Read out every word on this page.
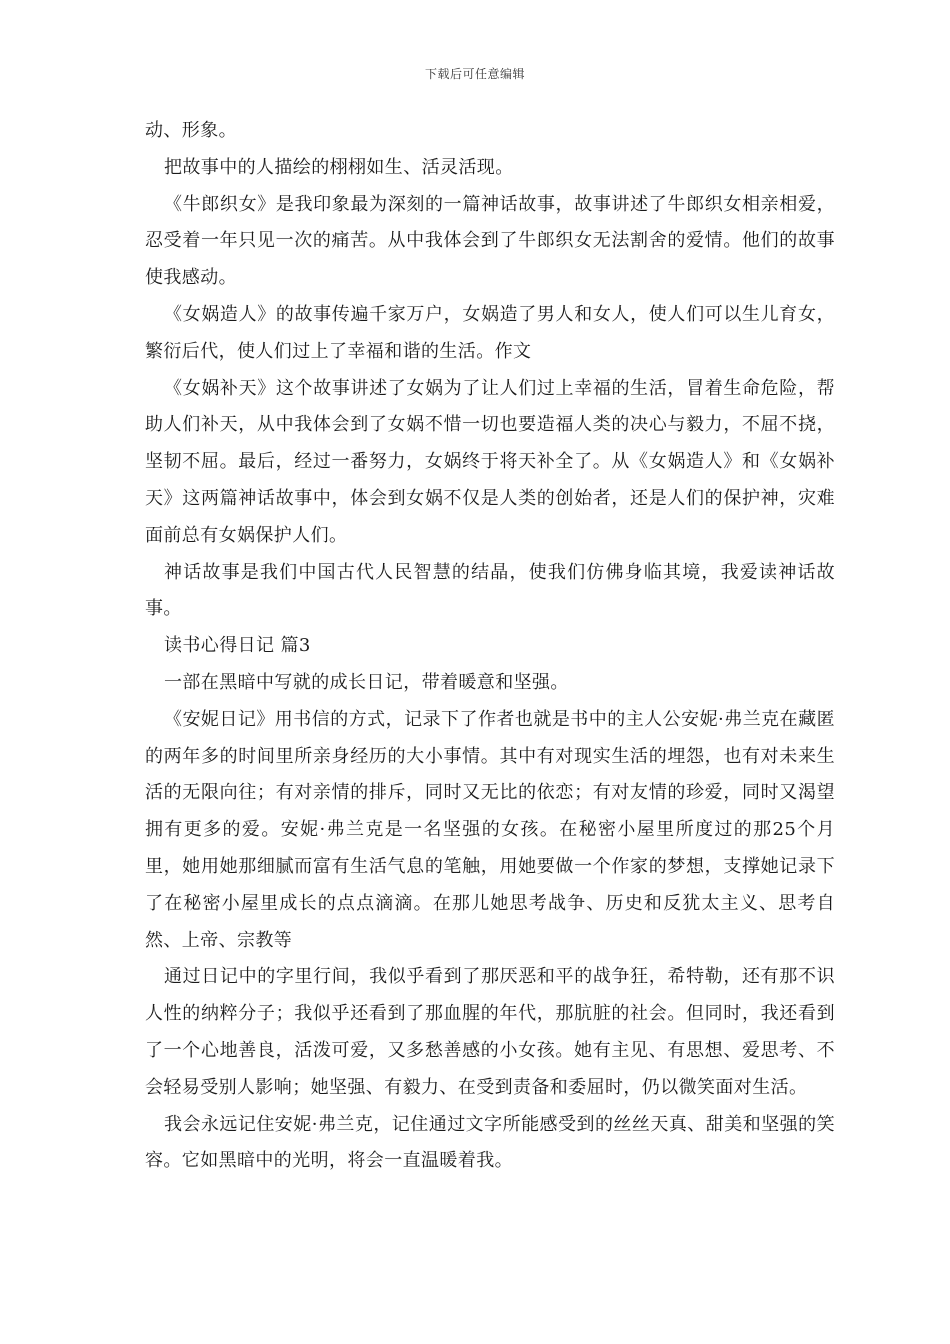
下载后可任意编辑

动、形象。

把故事中的人描绘的栩栩如生、活灵活现。

《牛郎织女》是我印象最为深刻的一篇神话故事，故事讲述了牛郎织女相亲相爱，忍受着一年只见一次的痛苦。从中我体会到了牛郎织女无法割舍的爱情。他们的故事使我感动。

《女娲造人》的故事传遍千家万户，女娲造了男人和女人，使人们可以生儿育女，繁衍后代，使人们过上了幸福和谐的生活。作文

《女娲补天》这个故事讲述了女娲为了让人们过上幸福的生活，冒着生命危险，帮助人们补天，从中我体会到了女娲不惜一切也要造福人类的决心与毅力，不屈不挠，坚韧不屈。最后，经过一番努力，女娲终于将天补全了。从《女娲造人》和《女娲补天》这两篇神话故事中，体会到女娲不仅是人类的创始者，还是人们的保护神，灾难面前总有女娲保护人们。

神话故事是我们中国古代人民智慧的结晶，使我们仿佛身临其境，我爱读神话故事。

读书心得日记 篇3

一部在黑暗中写就的成长日记，带着暖意和坚强。

《安妮日记》用书信的方式，记录下了作者也就是书中的主人公安妮·弗兰克在藏匿的两年多的时间里所亲身经历的大小事情。其中有对现实生活的埋怨，也有对未来生活的无限向往；有对亲情的排斥，同时又无比的依恋；有对友情的珍爱，同时又渴望拥有更多的爱。安妮·弗兰克是一名坚强的女孩。在秘密小屋里所度过的那25个月里，她用她那细腻而富有生活气息的笔触，用她要做一个作家的梦想，支撑她记录下了在秘密小屋里成长的点点滴滴。在那儿她思考战争、历史和反犹太主义、思考自然、上帝、宗教等

通过日记中的字里行间，我似乎看到了那厌恶和平的战争狂，希特勒，还有那不识人性的纳粹分子；我似乎还看到了那血腥的年代，那肮脏的社会。但同时，我还看到了一个心地善良，活泼可爱，又多愁善感的小女孩。她有主见、有思想、爱思考、不会轻易受别人影响；她坚强、有毅力、在受到责备和委屈时，仍以微笑面对生活。

我会永远记住安妮·弗兰克，记住通过文字所能感受到的丝丝天真、甜美和坚强的笑容。它如黑暗中的光明，将会一直温暖着我。
